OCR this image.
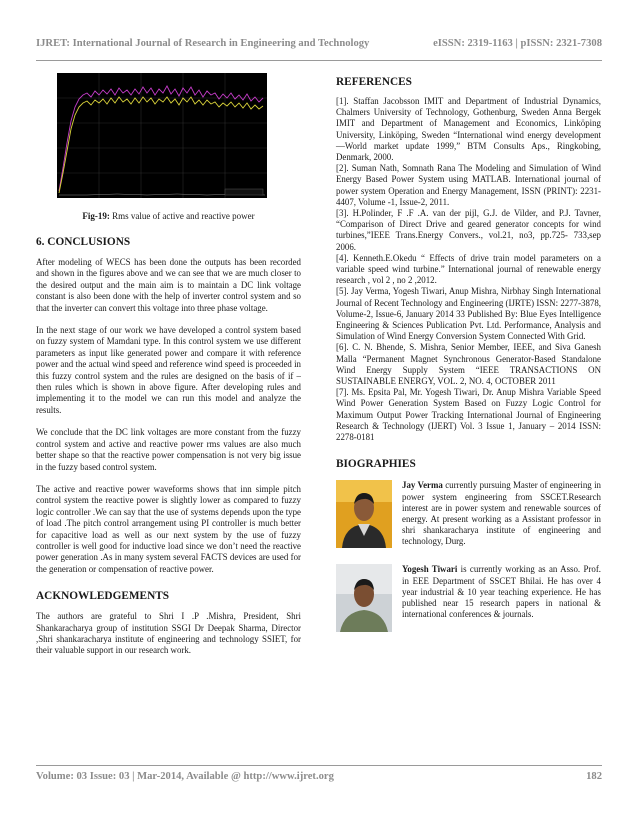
IJRET: International Journal of Research in Engineering and Technology	eISSN: 2319-1163 | pISSN: 2321-7308
Fig-19: Rms value of active and reactive power
6. CONCLUSIONS

After modeling of WECS has been done the outputs has been recorded and shown in the figures above and we can see that we are much closer to the desired output and the main aim is to maintain a DC link voltage constant is also been done with the help of inverter control system and so that the inverter can convert this voltage into three phase voltage.

In the next stage of our work we have developed a control system based on fuzzy system of Mamdani type. In this control system we use different parameters as input like generated power and compare it with reference power and the actual wind speed and reference wind speed is proceeded in this fuzzy control system and the rules are designed on the basis of if – then rules which is shown in above figure. After developing rules and implementing it to the model we can run this model and analyze the results.

We conclude that the DC link voltages are more constant from the fuzzy control system and active and reactive power rms values are also much better shape so that the reactive power compensation is not very big issue in the fuzzy based control system.

The active and reactive power waveforms shows that inn simple pitch control system the reactive power is slightly lower as compared to fuzzy logic controller .We can say that the use of systems depends upon the type of load .The pitch control arrangement using PI controller is much better for capacitive load as well as our next system by the use of fuzzy controller is well good for inductive load since we don’t need the reactive power generation .As in many system several FACTS devices are used for the generation or compensation of reactive power.

ACKNOWLEDGEMENTS

The authors are grateful to Shri I .P .Mishra, President, Shri Shankaracharya group of institution SSGI Dr Deepak Sharma, Director ,Shri shankaracharya institute of engineering and technology SSIET, for their valuable support in our research work.

REFERENCES

[1]. Staffan Jacobsson IMIT and Department of Industrial Dynamics, Chalmers University of Technology, Gothenburg, Sweden Anna Bergek IMIT and Department of Management and Economics, Linköping University, Linköping, Sweden “International wind energy development—World market update 1999,” BTM Consults Aps., Ringkobing, Denmark, 2000.

[2]. Suman Nath, Somnath Rana The Modeling and Simulation of Wind Energy Based Power System using MATLAB. International journal of power system Operation and Energy Management, ISSN (PRINT): 2231-4407, Volume -1, Issue-2, 2011.

[3]. H.Polinder, F .F .A. van der pijl, G.J. de Vilder, and P.J. Tavner, “Comparison of Direct Drive and geared generator concepts for wind turbines,”IEEE Trans.Energy Convers., vol.21, no3, pp.725- 733,sep 2006.

[4]. Kenneth.E.Okedu “ Effects of drive train model parameters on a variable speed wind turbine.” International journal of renewable energy research , vol 2 , no 2 ,2012.

[5]. Jay Verma, Yogesh Tiwari, Anup Mishra, Nirbhay Singh International Journal of Recent Technology and Engineering (IJRTE) ISSN: 2277-3878, Volume-2, Issue-6, January 2014 33 Published By: Blue Eyes Intelligence Engineering & Sciences Publication Pvt. Ltd. Performance, Analysis and Simulation of Wind Energy Conversion System Connected With Grid.

[6]. C. N. Bhende, S. Mishra, Senior Member, IEEE, and Siva Ganesh Malla “Permanent Magnet Synchronous Generator-Based Standalone Wind Energy Supply System “IEEE TRANSACTIONS ON SUSTAINABLE ENERGY, VOL. 2, NO. 4, OCTOBER 2011

[7]. Ms. Epsita Pal, Mr. Yogesh Tiwari, Dr. Anup Mishra Variable Speed Wind Power Generation System Based on Fuzzy Logic Control for Maximum Output Power Tracking International Journal of Engineering Research & Technology (IJERT) Vol. 3 Issue 1, January – 2014 ISSN: 2278-0181

BIOGRAPHIES
Jay Verma currently pursuing Master of engineering in power system engineering from SSCET.Research interest are in power system and renewable sources of energy. At present working as a Assistant professor in shri shankaracharya institute of engineering and technology, Durg.
Yogesh Tiwari is currently working as an Asso. Prof. in EEE Department of SSCET Bhilai. He has over 4 year industrial & 10 year teaching experience. He has published near 15 research papers in national & international conferences & journals.
Volume: 03 Issue: 03 | Mar-2014, Available @ http://www.ijret.org	182
